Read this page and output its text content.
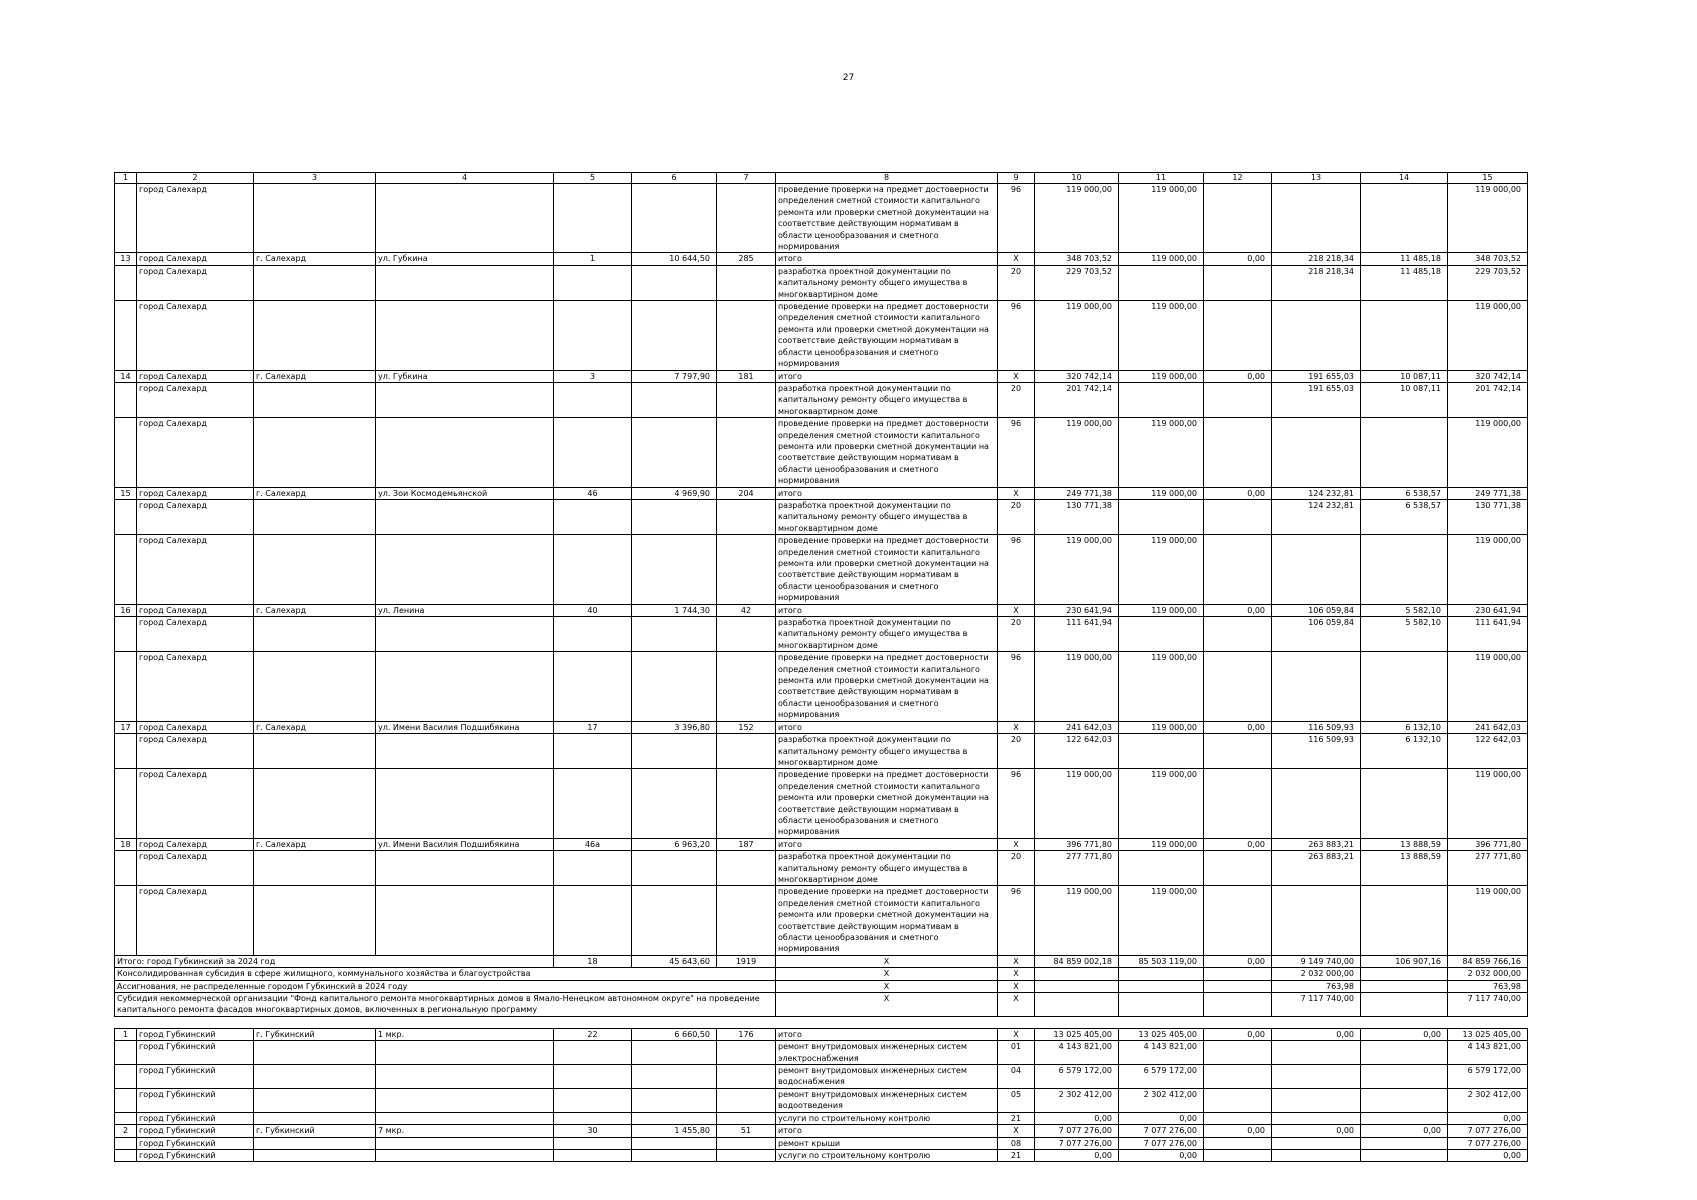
27
1	2	3	4	5	6	7	8	9	10	11	12	13	14	15
	город Салехард						проведение проверки на предмет достоверности определения сметной стоимости капитального ремонта или проверки сметной документации на соответствие действующим нормативам в области ценообразования и сметного нормирования	96	119 000,00	119 000,00				119 000,00
13	город Салехард	г. Салехард	ул. Губкина	1	10 644,50	285	итого	Х	348 703,52	119 000,00	0,00	218 218,34	11 485,18	348 703,52
	город Салехард						разработка проектной документации по капитальному ремонту общего имущества в многоквартирном доме	20	229 703,52			218 218,34	11 485,18	229 703,52
	город Салехард						проведение проверки на предмет достоверности определения сметной стоимости капитального ремонта или проверки сметной документации на соответствие действующим нормативам в области ценообразования и сметного нормирования	96	119 000,00	119 000,00				119 000,00
14	город Салехард	г. Салехард	ул. Губкина	3	7 797,90	181	итого	Х	320 742,14	119 000,00	0,00	191 655,03	10 087,11	320 742,14
	город Салехард						разработка проектной документации по капитальному ремонту общего имущества в многоквартирном доме	20	201 742,14			191 655,03	10 087,11	201 742,14
	город Салехард						проведение проверки на предмет достоверности определения сметной стоимости капитального ремонта или проверки сметной документации на соответствие действующим нормативам в области ценообразования и сметного нормирования	96	119 000,00	119 000,00				119 000,00
15	город Салехард	г. Салехард	ул. Зои Космодемьянской	46	4 969,90	204	итого	Х	249 771,38	119 000,00	0,00	124 232,81	6 538,57	249 771,38
	город Салехард						разработка проектной документации по капитальному ремонту общего имущества в многоквартирном доме	20	130 771,38			124 232,81	6 538,57	130 771,38
	город Салехард						проведение проверки на предмет достоверности определения сметной стоимости капитального ремонта или проверки сметной документации на соответствие действующим нормативам в области ценообразования и сметного нормирования	96	119 000,00	119 000,00				119 000,00
16	город Салехард	г. Салехард	ул. Ленина	40	1 744,30	42	итого	Х	230 641,94	119 000,00	0,00	106 059,84	5 582,10	230 641,94
	город Салехард						разработка проектной документации по капитальному ремонту общего имущества в многоквартирном доме	20	111 641,94			106 059,84	5 582,10	111 641,94
	город Салехард						проведение проверки на предмет достоверности определения сметной стоимости капитального ремонта или проверки сметной документации на соответствие действующим нормативам в области ценообразования и сметного нормирования	96	119 000,00	119 000,00				119 000,00
17	город Салехард	г. Салехард	ул. Имени Василия Подшибякина	17	3 396,80	152	итого	Х	241 642,03	119 000,00	0,00	116 509,93	6 132,10	241 642,03
	город Салехард						разработка проектной документации по капитальному ремонту общего имущества в многоквартирном доме	20	122 642,03			116 509,93	6 132,10	122 642,03
	город Салехард						проведение проверки на предмет достоверности определения сметной стоимости капитального ремонта или проверки сметной документации на соответствие действующим нормативам в области ценообразования и сметного нормирования	96	119 000,00	119 000,00				119 000,00
18	город Салехард	г. Салехард	ул. Имени Василия Подшибякина	46а	6 963,20	187	итого	Х	396 771,80	119 000,00	0,00	263 883,21	13 888,59	396 771,80
	город Салехард						разработка проектной документации по капитальному ремонту общего имущества в многоквартирном доме	20	277 771,80			263 883,21	13 888,59	277 771,80
	город Салехард						проведение проверки на предмет достоверности определения сметной стоимости капитального ремонта или проверки сметной документации на соответствие действующим нормативам в области ценообразования и сметного нормирования	96	119 000,00	119 000,00				119 000,00
Итого: город Губкинский за 2024 год				18	45 643,60	1919	Х	Х	84 859 002,18	85 503 119,00	0,00	9 149 740,00	106 907,16	84 859 766,16
Консолидированная субсидия в сфере жилищного, коммунального хозяйства и благоустройства							Х	Х				2 032 000,00		2 032 000,00
Ассигнования, не распределенные городом Губкинский в 2024 году							Х	Х				763,98		763,98
Субсидия некоммерческой организации "Фонд капитального ремонта многоквартирных домов в Ямало-Ненецком автономном округе" на проведение капитального ремонта фасадов многоквартирных домов, включенных в региональную программу							Х	Х				7 117 740,00		7 117 740,00

1	город Губкинский	г. Губкинский	1 мкр.	22	6 660,50	176	итого	Х	13 025 405,00	13 025 405,00	0,00	0,00	0,00	13 025 405,00
	город Губкинский						ремонт внутридомовых инженерных систем электроснабжения	01	4 143 821,00	4 143 821,00				4 143 821,00
	город Губкинский						ремонт внутридомовых инженерных систем водоснабжения	04	6 579 172,00	6 579 172,00				6 579 172,00
	город Губкинский						ремонт внутридомовых инженерных систем водоотведения	05	2 302 412,00	2 302 412,00				2 302 412,00
	город Губкинский						услуги по строительному контролю	21	0,00	0,00				0,00
2	город Губкинский	г. Губкинский	7 мкр.	30	1 455,80	51	итого	Х	7 077 276,00	7 077 276,00	0,00	0,00	0,00	7 077 276,00
	город Губкинский						ремонт крыши	08	7 077 276,00	7 077 276,00				7 077 276,00
	город Губкинский						услуги по строительному контролю	21	0,00	0,00				0,00
